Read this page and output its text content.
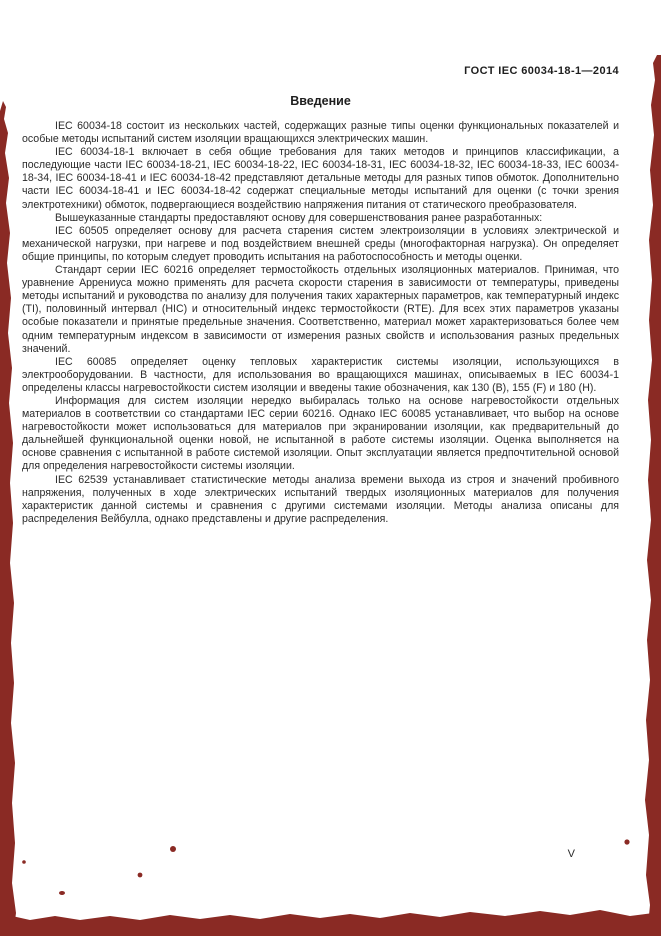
ГОСТ IEC 60034-18-1—2014
Введение

IEC 60034-18 состоит из нескольких частей, содержащих разные типы оценки функциональных показателей и особые методы испытаний систем изоляции вращающихся электрических машин.

IEC 60034-18-1 включает в себя общие требования для таких методов и принципов классификации, а последующие части IEC 60034-18-21, IEC 60034-18-22, IEC 60034-18-31, IEC 60034-18-32, IEC 60034-18-33, IEC 60034-18-34, IEC 60034-18-41 и IEC 60034-18-42 представляют детальные методы для разных типов обмоток. Дополнительно части IEC 60034-18-41 и IEC 60034-18-42 содержат специальные методы испытаний для оценки (с точки зрения электротехники) обмоток, подвергающиеся воздействию напряжения питания от статического преобразователя.

Вышеуказанные стандарты предоставляют основу для совершенствования ранее разработанных:

IEC 60505 определяет основу для расчета старения систем электроизоляции в условиях электрической и механической нагрузки, при нагреве и под воздействием внешней среды (многофакторная нагрузка). Он определяет общие принципы, по которым следует проводить испытания на работоспособность и методы оценки.

Стандарт серии IEC 60216 определяет термостойкость отдельных изоляционных материалов. Принимая, что уравнение Аррениуса можно применять для расчета скорости старения в зависимости от температуры, приведены методы испытаний и руководства по анализу для получения таких характерных параметров, как температурный индекс (TI), половинный интервал (HIC) и относительный индекс термостойкости (RTE). Для всех этих параметров указаны особые показатели и принятые предельные значения. Соответственно, материал может характеризоваться более чем одним температурным индексом в зависимости от измерения разных свойств и использования разных предельных значений.

IEC 60085 определяет оценку тепловых характеристик системы изоляции, использующихся в электрооборудовании. В частности, для использования во вращающихся машинах, описываемых в IEC 60034-1 определены классы нагревостойкости систем изоляции и введены такие обозначения, как 130 (B), 155 (F) и 180 (H).

Информация для систем изоляции нередко выбиралась только на основе нагревостойкости отдельных материалов в соответствии со стандартами IEC серии 60216. Однако IEC 60085 устанавливает, что выбор на основе нагревостойкости может использоваться для материалов при экранировании изоляции, как предварительный до дальнейшей функциональной оценки новой, не испытанной в работе системы изоляции. Оценка выполняется на основе сравнения с испытанной в работе системой изоляции. Опыт эксплуатации является предпочтительной основой для определения нагревостойкости системы изоляции.

IEC 62539 устанавливает статистические методы анализа времени выхода из строя и значений пробивного напряжения, полученных в ходе электрических испытаний твердых изоляционных материалов для получения характеристик данной системы и сравнения с другими системами изоляции. Методы анализа описаны для распределения Вейбулла, однако представлены и другие распределения.

V
